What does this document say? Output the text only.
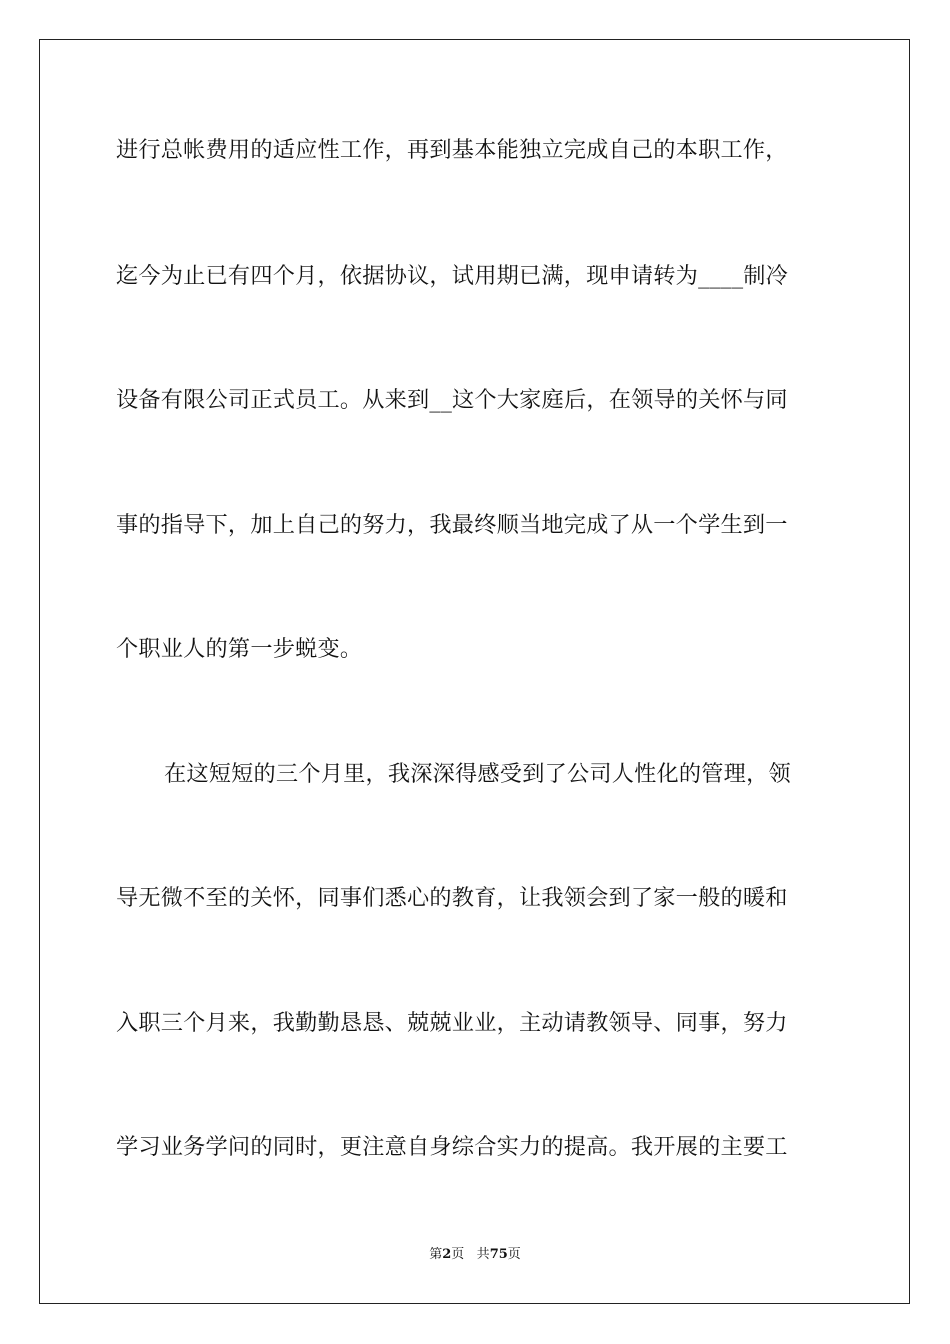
进行总帐费用的适应性工作，再到基本能独立完成自己的本职工作，
迄今为止已有四个月，依据协议，试用期已满，现申请转为____制冷
设备有限公司正式员工。从来到__这个大家庭后，在领导的关怀与同
事的指导下，加上自己的努力，我最终顺当地完成了从一个学生到一
个职业人的第一步蜕变。
在这短短的三个月里，我深深得感受到了公司人性化的管理，领
导无微不至的关怀，同事们悉心的教育，让我领会到了家一般的暖和
入职三个月来，我勤勤恳恳、兢兢业业，主动请教领导、同事，努力
学习业务学问的同时，更注意自身综合实力的提高。我开展的主要工
第2页 共75页
